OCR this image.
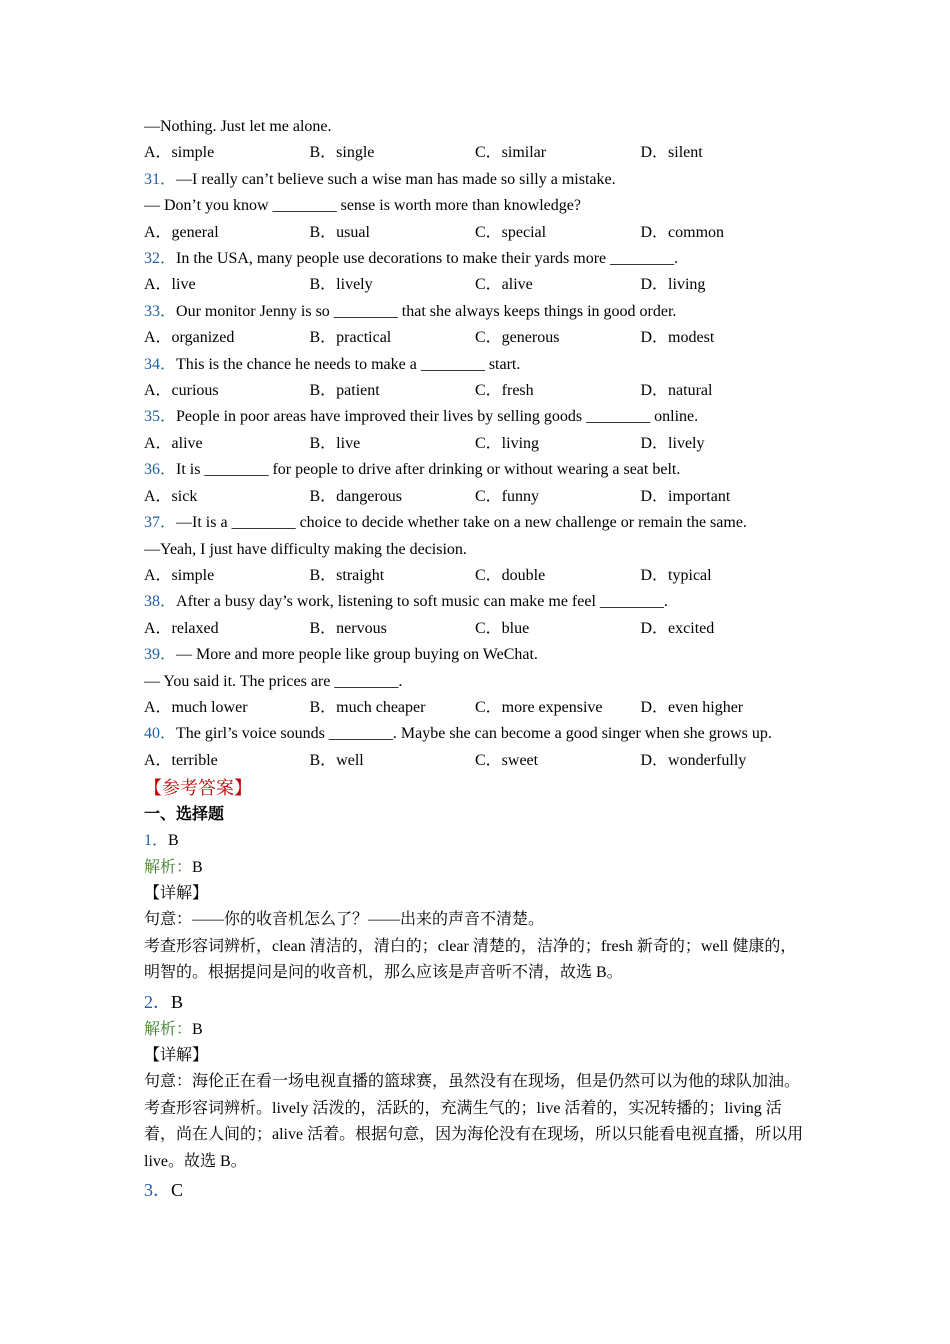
—Nothing. Just let me alone.
A．simple	B．single	C．similar	D．silent
31．—I really can’t believe such a wise man has made so silly a mistake.
— Don’t you know ________ sense is worth more than knowledge?
A．general	B．usual	C．special	D．common
32．In the USA, many people use decorations to make their yards more ________.
A．live	B．lively	C．alive	D．living
33．Our monitor Jenny is so ________ that she always keeps things in good order.
A．organized	B．practical	C．generous	D．modest
34．This is the chance he needs to make a ________ start.
A．curious	B．patient	C．fresh	D．natural
35．People in poor areas have improved their lives by selling goods ________ online.
A．alive	B．live	C．living	D．lively
36．It is ________ for people to drive after drinking or without wearing a seat belt.
A．sick	B．dangerous	C．funny	D．important
37．—It is a ________ choice to decide whether take on a new challenge or remain the same.
—Yeah, I just have difficulty making the decision.
A．simple	B．straight	C．double	D．typical
38．After a busy day’s work, listening to soft music can make me feel ________.
A．relaxed	B．nervous	C．blue	D．excited
39．— More and more people like group buying on WeChat.
— You said it. The prices are ________.
A．much lower	B．much cheaper	C．more expensive	D．even higher
40．The girl’s voice sounds ________. Maybe she can become a good singer when she grows up.
A．terrible	B．well	C．sweet	D．wonderfully
【参考答案】
一、选择题
1．B
解析：B
【详解】
句意：——你的收音机怎么了？——出来的声音不清楚。
考查形容词辨析，clean 清洁的，清白的；clear 清楚的，洁净的；fresh 新奇的；well 健康的，明智的。根据提问是问的收音机，那么应该是声音听不清，故选 B。
2．B
解析：B
【详解】
句意：海伦正在看一场电视直播的篮球赛，虽然没有在现场，但是仍然可以为他的球队加油。
考查形容词辨析。lively 活泼的，活跃的，充满生气的；live 活着的，实况转播的；living 活着，尚在人间的；alive 活着。根据句意，因为海伦没有在现场，所以只能看电视直播，所以用 live。故选 B。
3．C
